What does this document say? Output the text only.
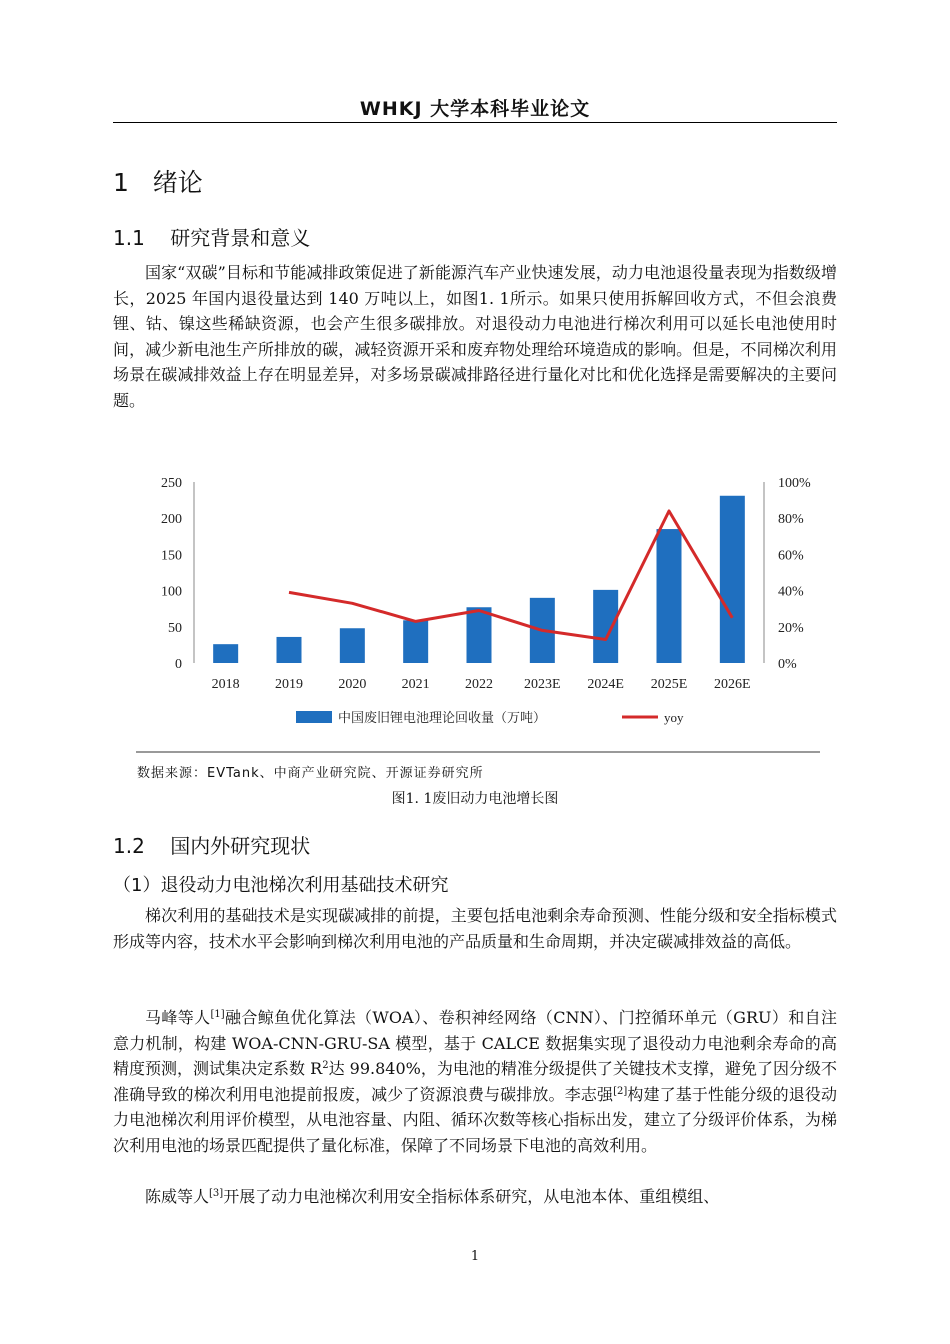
WHKJ 大学本科毕业论文
1 绪论
1.1 研究背景和意义

国家“双碳”目标和节能减排政策促进了新能源汽车产业快速发展，动力电池退役量表现为指数级增长，2025 年国内退役量达到 140 万吨以上，如图1. 1所示。如果只使用拆解回收方式，不但会浪费锂、钴、镍这些稀缺资源，也会产生很多碳排放。对退役动力电池进行梯次利用可以延长电池使用时间，减少新电池生产所排放的碳，减轻资源开采和废弃物处理给环境造成的影响。但是，不同梯次利用场景在碳减排效益上存在明显差异，对多场景碳减排路径进行量化对比和优化选择是需要解决的主要问题。

0
50
100
150
200
250
0%
20%
40%
60%
80%
100%
2018	2019	2020	2021	2022 2023E 2024E 2025E 2026E
中国废旧锂电池理论回收量（万吨）	yoy
数据来源：EVTank、中商产业研究院、开源证券研究所
图1. 1废旧动力电池增长图
1.2 国内外研究现状
（1）退役动力电池梯次利用基础技术研究

梯次利用的基础技术是实现碳减排的前提，主要包括电池剩余寿命预测、性能分级和安全指标模式形成等内容，技术水平会影响到梯次利用电池的产品质量和生命周期，并决定碳减排效益的高低。

马峰等人[1]融合鲸鱼优化算法（WOA）、卷积神经网络（CNN）、门控循环单元（GRU）和自注意力机制，构建 WOA-CNN-GRU-SA 模型，基于 CALCE 数据集实现了退役动力电池剩余寿命的高精度预测，测试集决定系数 $R^2$达 99.840%，为电池的精准分级提供了关键技术支撑，避免了因分级不准确导致的梯次利用电池提前报废，减少了资源浪费与碳排放。李志强[2]构建了基于性能分级的退役动力电池梯次利用评价模型，从电池容量、内阻、循环次数等核心指标出发，建立了分级评价体系，为梯次利用电池的场景匹配提供了量化标准，保障了不同场景下电池的高效利用。

陈威等人[3]开展了动力电池梯次利用安全指标体系研究，从电池本体、重组模组、

1
